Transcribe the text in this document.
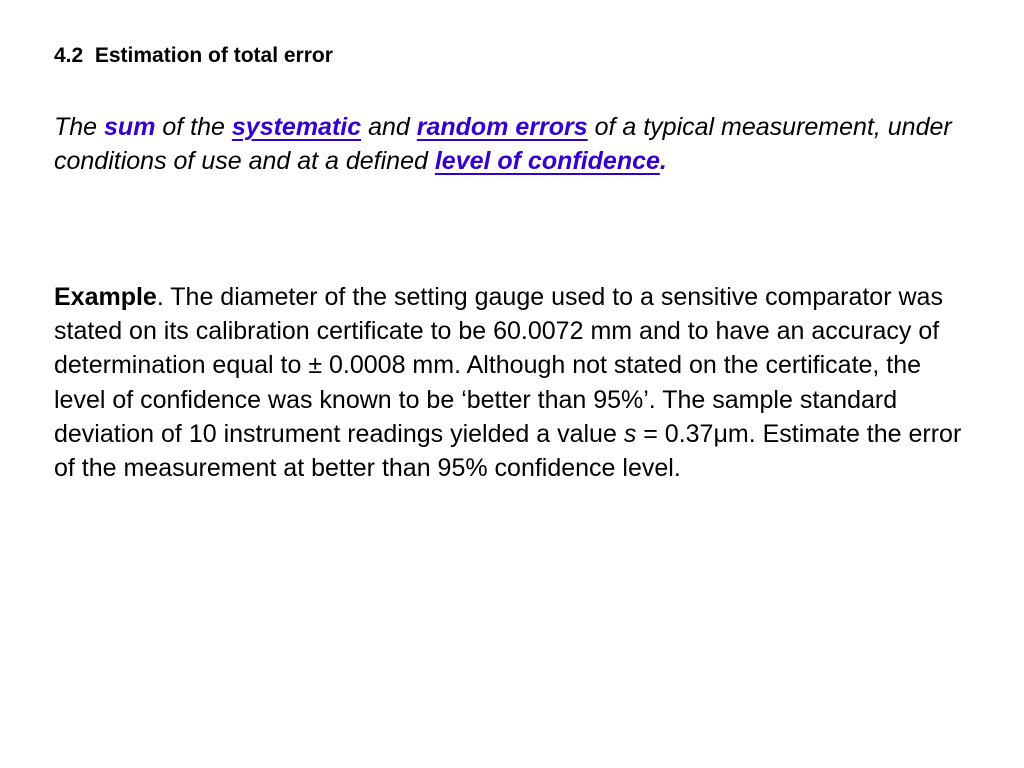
4.2 Estimation of total error
The sum of the systematic and random errors of a typical measurement, under conditions of use and at a defined level of confidence.
Example. The diameter of the setting gauge used to a sensitive comparator was stated on its calibration certificate to be 60.0072 mm and to have an accuracy of determination equal to ± 0.0008 mm. Although not stated on the certificate, the level of confidence was known to be ‘better than 95%’. The sample standard deviation of 10 instrument readings yielded a value s = 0.37μm. Estimate the error of the measurement at better than 95% confidence level.
